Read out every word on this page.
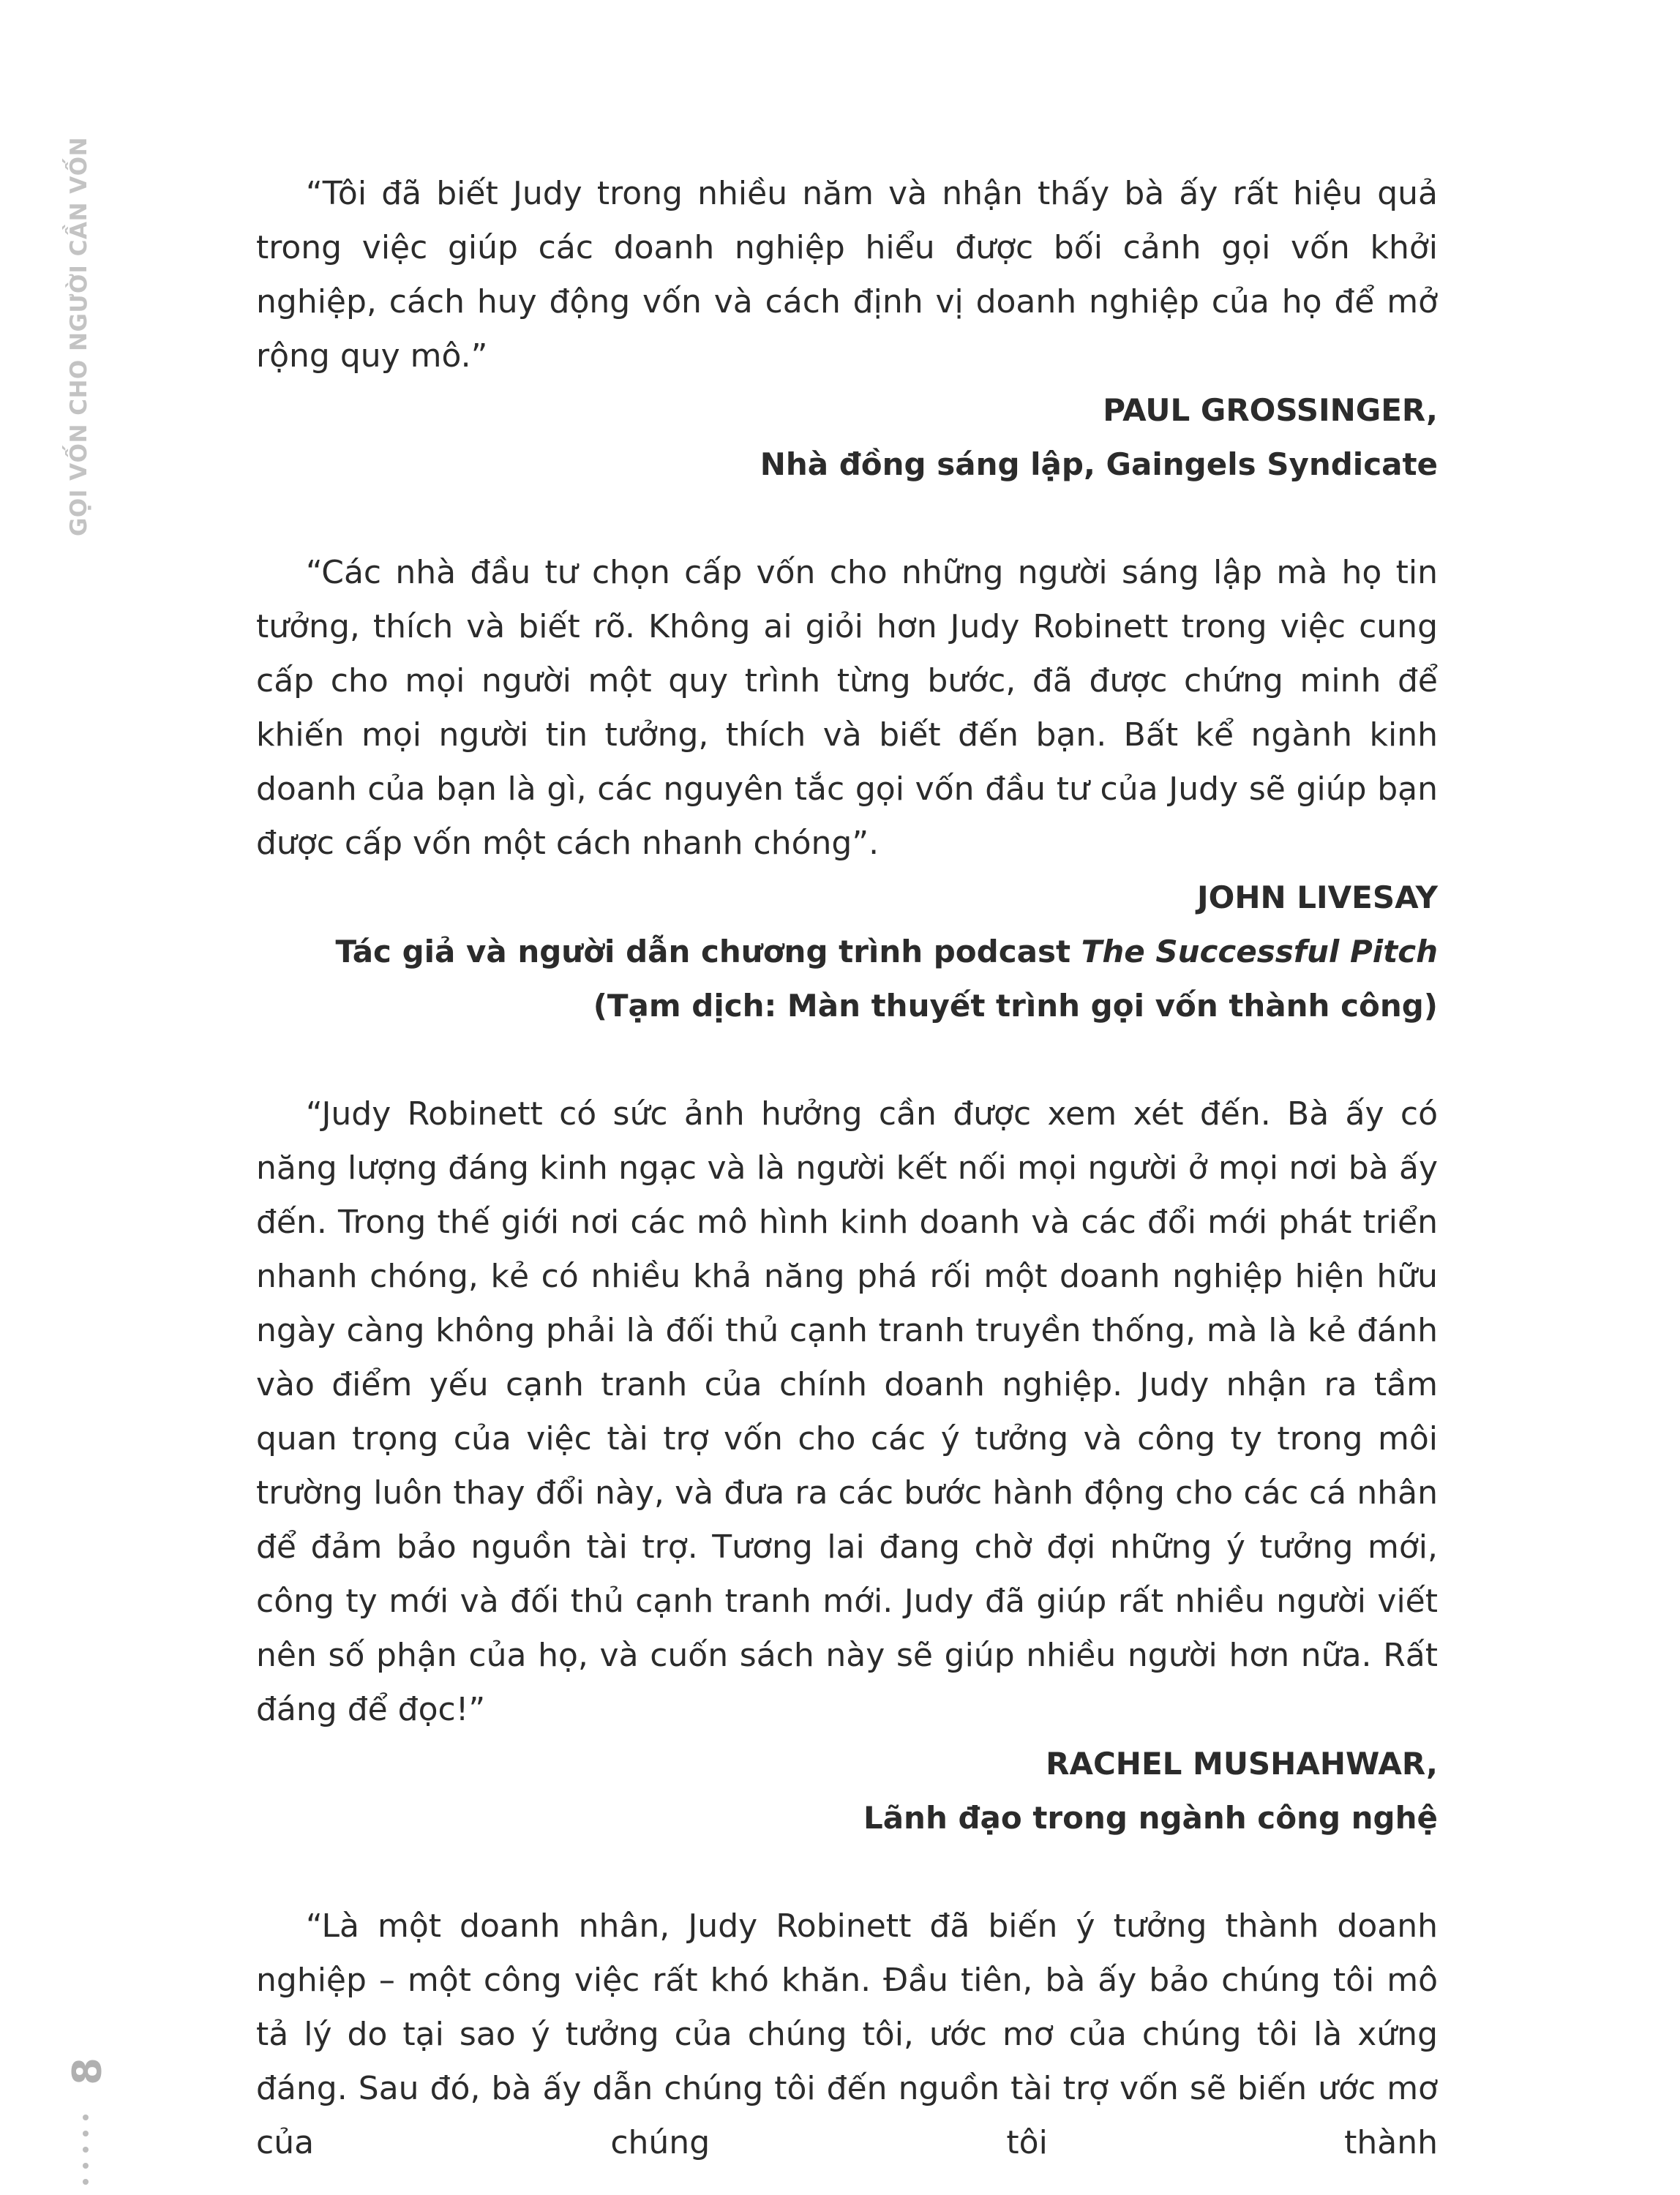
GỌI VỐN CHO NGƯỜI CẦN VỐN
8

“Tôi đã biết Judy trong nhiều năm và nhận thấy bà ấy rất hiệu quả trong việc giúp các doanh nghiệp hiểu được bối cảnh gọi vốn khởi nghiệp, cách huy động vốn và cách định vị doanh nghiệp của họ để mở rộng quy mô.”

PAUL GROSSINGER,
Nhà đồng sáng lập, Gaingels Syndicate

“Các nhà đầu tư chọn cấp vốn cho những người sáng lập mà họ tin tưởng, thích và biết rõ. Không ai giỏi hơn Judy Robinett trong việc cung cấp cho mọi người một quy trình từng bước, đã được chứng minh để khiến mọi người tin tưởng, thích và biết đến bạn. Bất kể ngành kinh doanh của bạn là gì, các nguyên tắc gọi vốn đầu tư của Judy sẽ giúp bạn được cấp vốn một cách nhanh chóng”.

JOHN LIVESAY
Tác giả và người dẫn chương trình podcast The Successful Pitch
(Tạm dịch: Màn thuyết trình gọi vốn thành công)

“Judy Robinett có sức ảnh hưởng cần được xem xét đến. Bà ấy có năng lượng đáng kinh ngạc và là người kết nối mọi người ở mọi nơi bà ấy đến. Trong thế giới nơi các mô hình kinh doanh và các đổi mới phát triển nhanh chóng, kẻ có nhiều khả năng phá rối một doanh nghiệp hiện hữu ngày càng không phải là đối thủ cạnh tranh truyền thống, mà là kẻ đánh vào điểm yếu cạnh tranh của chính doanh nghiệp. Judy nhận ra tầm quan trọng của việc tài trợ vốn cho các ý tưởng và công ty trong môi trường luôn thay đổi này, và đưa ra các bước hành động cho các cá nhân để đảm bảo nguồn tài trợ. Tương lai đang chờ đợi những ý tưởng mới, công ty mới và đối thủ cạnh tranh mới. Judy đã giúp rất nhiều người viết nên số phận của họ, và cuốn sách này sẽ giúp nhiều người hơn nữa. Rất đáng để đọc!”

RACHEL MUSHAHWAR,
Lãnh đạo trong ngành công nghệ

“Là một doanh nhân, Judy Robinett đã biến ý tưởng thành doanh nghiệp – một công việc rất khó khăn. Đầu tiên, bà ấy bảo chúng tôi mô tả lý do tại sao ý tưởng của chúng tôi, ước mơ của chúng tôi là xứng đáng. Sau đó, bà ấy dẫn chúng tôi đến nguồn tài trợ vốn sẽ biến ước mơ của chúng tôi thành
